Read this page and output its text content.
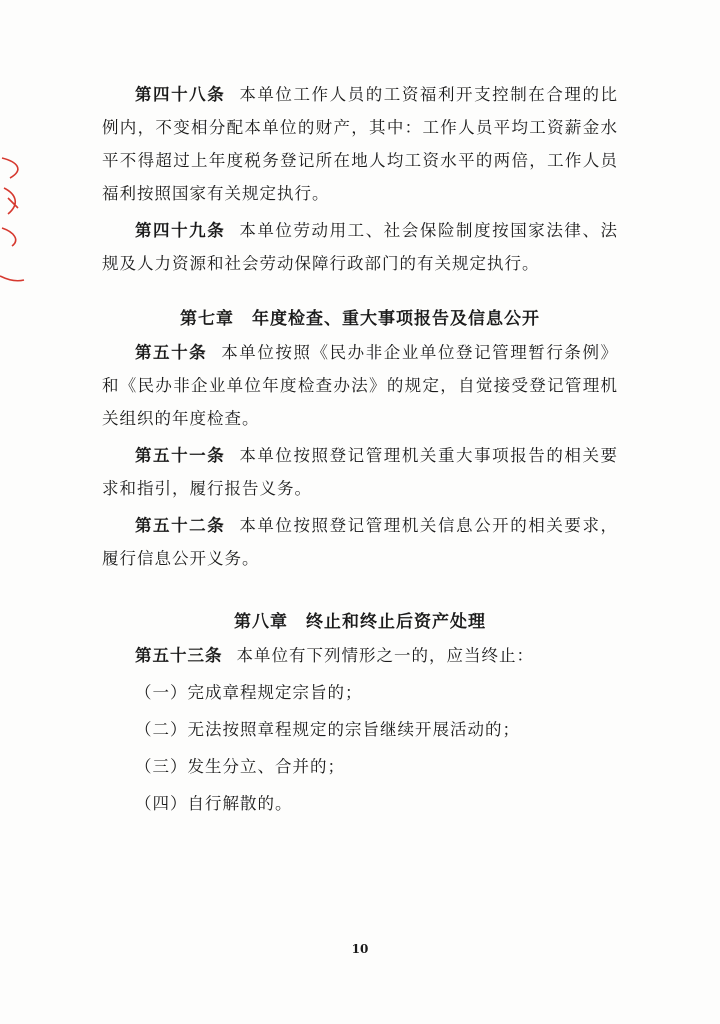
第四十八条 本单位工作人员的工资福利开支控制在合理的比例内，不变相分配本单位的财产，其中：工作人员平均工资薪金水平不得超过上年度税务登记所在地人均工资水平的两倍，工作人员福利按照国家有关规定执行。

第四十九条 本单位劳动用工、社会保险制度按国家法律、法规及人力资源和社会劳动保障行政部门的有关规定执行。

第七章 年度检查、重大事项报告及信息公开

第五十条 本单位按照《民办非企业单位登记管理暂行条例》和《民办非企业单位年度检查办法》的规定，自觉接受登记管理机关组织的年度检查。

第五十一条 本单位按照登记管理机关重大事项报告的相关要求和指引，履行报告义务。

第五十二条 本单位按照登记管理机关信息公开的相关要求，履行信息公开义务。

第八章 终止和终止后资产处理

第五十三条 本单位有下列情形之一的，应当终止：

（一）完成章程规定宗旨的；

（二）无法按照章程规定的宗旨继续开展活动的；

（三）发生分立、合并的；

（四）自行解散的。

10
